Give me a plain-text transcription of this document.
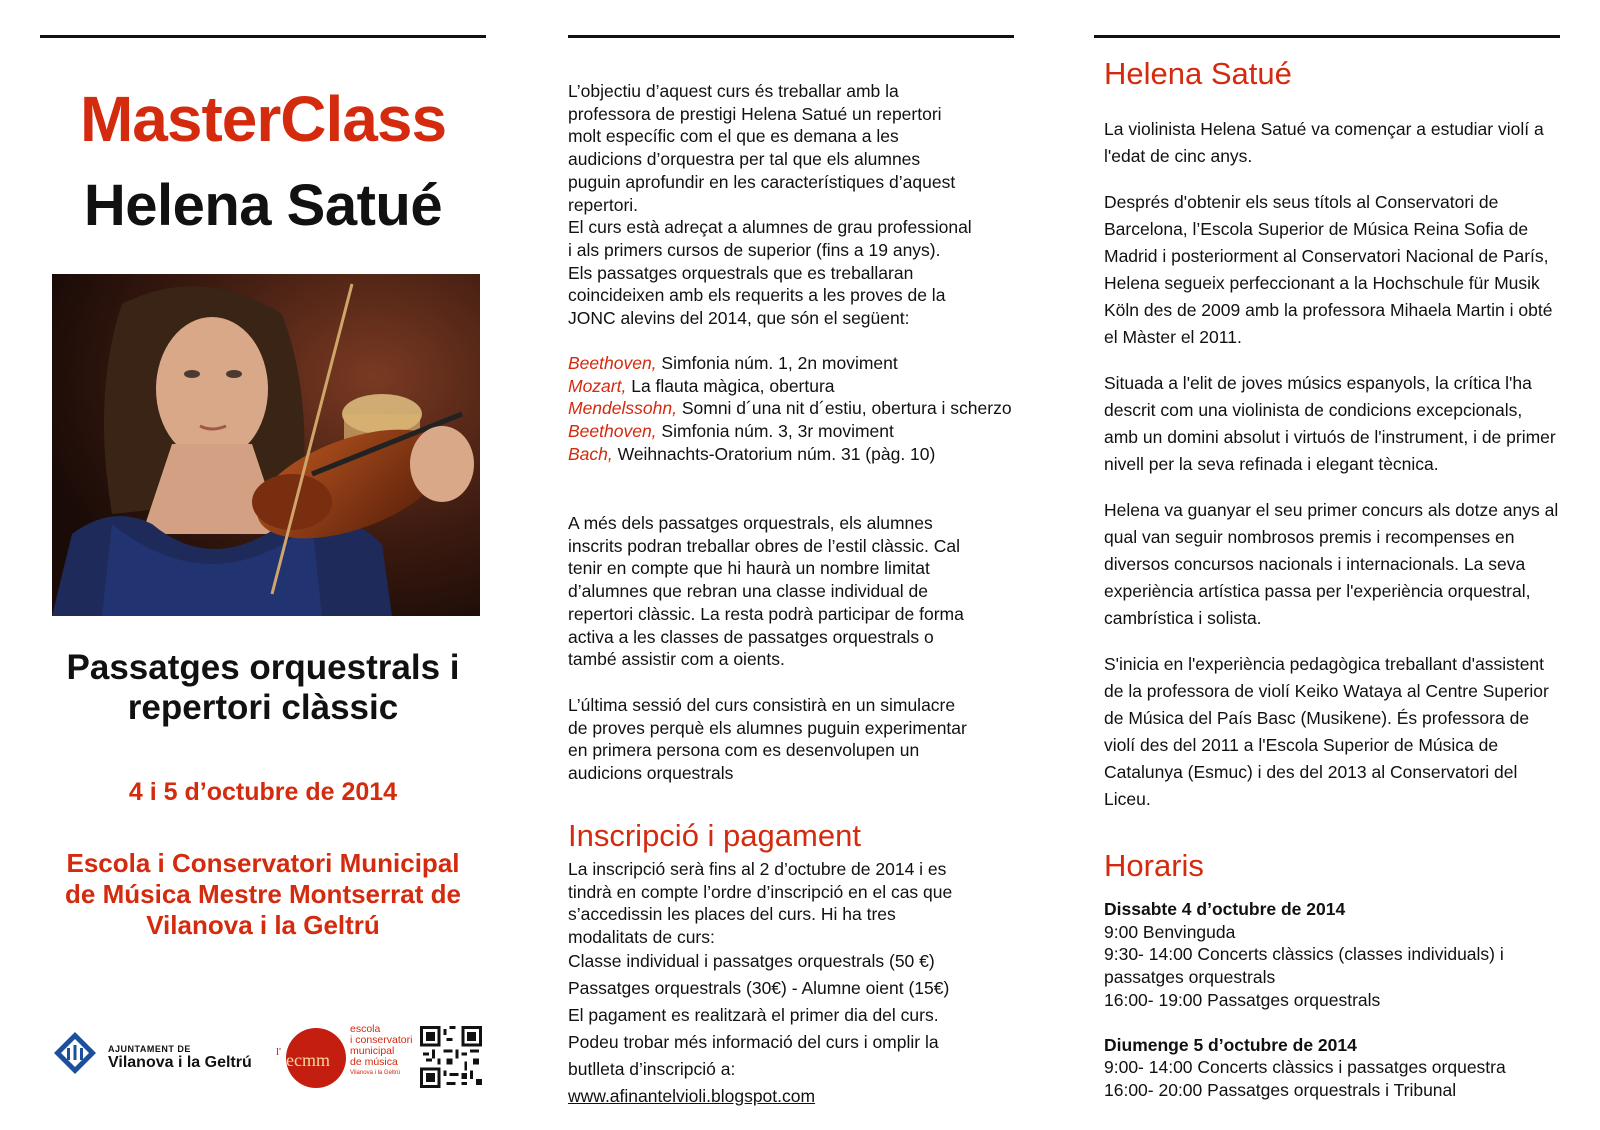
MasterClass
Helena Satué
Passatges orquestrals i
repertori clàssic
4 i 5 d’octubre de 2014
Escola i Conservatori Municipal
de Música Mestre Montserrat de
Vilanova i la Geltrú
AJUNTAMENT DE
Vilanova i la Geltrú
l' ecmm
escola
i conservatori
municipal
de música
Vilanova i la Geltrú
L’objectiu d’aquest curs és treballar amb la
professora de prestigi Helena Satué un repertori
molt específic com el que es demana a les
audicions d’orquestra per tal que els alumnes
puguin aprofundir en les característiques d’aquest
repertori.
El curs està adreçat a alumnes de grau professional
i als primers cursos de superior (fins a 19 anys).
Els passatges orquestrals que es treballaran
coincideixen amb els requerits a les proves de la
JONC alevins del 2014, que són el següent:
Beethoven, Simfonia núm. 1, 2n moviment
Mozart, La flauta màgica, obertura
Mendelssohn, Somni d´una nit d´estiu, obertura i scherzo
Beethoven, Simfonia núm. 3, 3r moviment
Bach, Weihnachts-Oratorium núm. 31 (pàg. 10)
A més dels passatges orquestrals, els alumnes
inscrits podran treballar obres de l’estil clàssic. Cal
tenir en compte que hi haurà un nombre limitat
d’alumnes que rebran una classe individual de
repertori clàssic. La resta podrà participar de forma
activa a les classes de passatges orquestrals o
també assistir com a oients.
L’última sessió del curs consistirà en un simulacre
de proves perquè els alumnes puguin experimentar
en primera persona com es desenvolupen un
audicions orquestrals
Inscripció i pagament
La inscripció serà fins al 2 d’octubre de 2014 i es
tindrà en compte l’ordre d’inscripció en el cas que
s’accedissin les places del curs. Hi ha tres
modalitats de curs:
Classe individual i passatges orquestrals (50 €)
Passatges orquestrals (30€) - Alumne oient (15€)
El pagament es realitzarà el primer dia del curs.
Podeu trobar més informació del curs i omplir la
butlleta d’inscripció a:
www.afinantelvioli.blogspot.com
Helena Satué

La violinista Helena Satué va començar a estudiar violí a l'edat de cinc anys.

Després d'obtenir els seus títols al Conservatori de Barcelona, l’Escola Superior de Música Reina Sofia de Madrid i posteriorment al Conservatori Nacional de París, Helena segueix perfeccionant a la Hochschule für Musik Köln des de 2009 amb la professora Mihaela Martin i obté el Màster el 2011.

Situada a l'elit de joves músics espanyols, la crítica l'ha descrit com una violinista de condicions excepcionals, amb un domini absolut i virtuós de l'instrument, i de primer nivell per la seva refinada i elegant tècnica.

Helena va guanyar el seu primer concurs als dotze anys al qual van seguir nombrosos premis i recompenses en diversos concursos nacionals i internacionals. La seva experiència artística passa per l'experiència orquestral, cambrística i solista.

S'inicia en l'experiència pedagògica treballant d'assistent de la professora de violí Keiko Wataya al Centre Superior de Música del País Basc (Musikene). És professora de violí des del 2011 a l'Escola Superior de Música de Catalunya (Esmuc) i des del 2013 al Conservatori del Liceu.

Horaris
Dissabte 4 d’octubre de 2014
9:00 Benvinguda
9:30- 14:00 Concerts clàssics (classes individuals) i passatges orquestrals
16:00- 19:00 Passatges orquestrals
Diumenge 5 d’octubre de 2014
9:00- 14:00 Concerts clàssics i passatges orquestra
16:00- 20:00 Passatges orquestrals i Tribunal
